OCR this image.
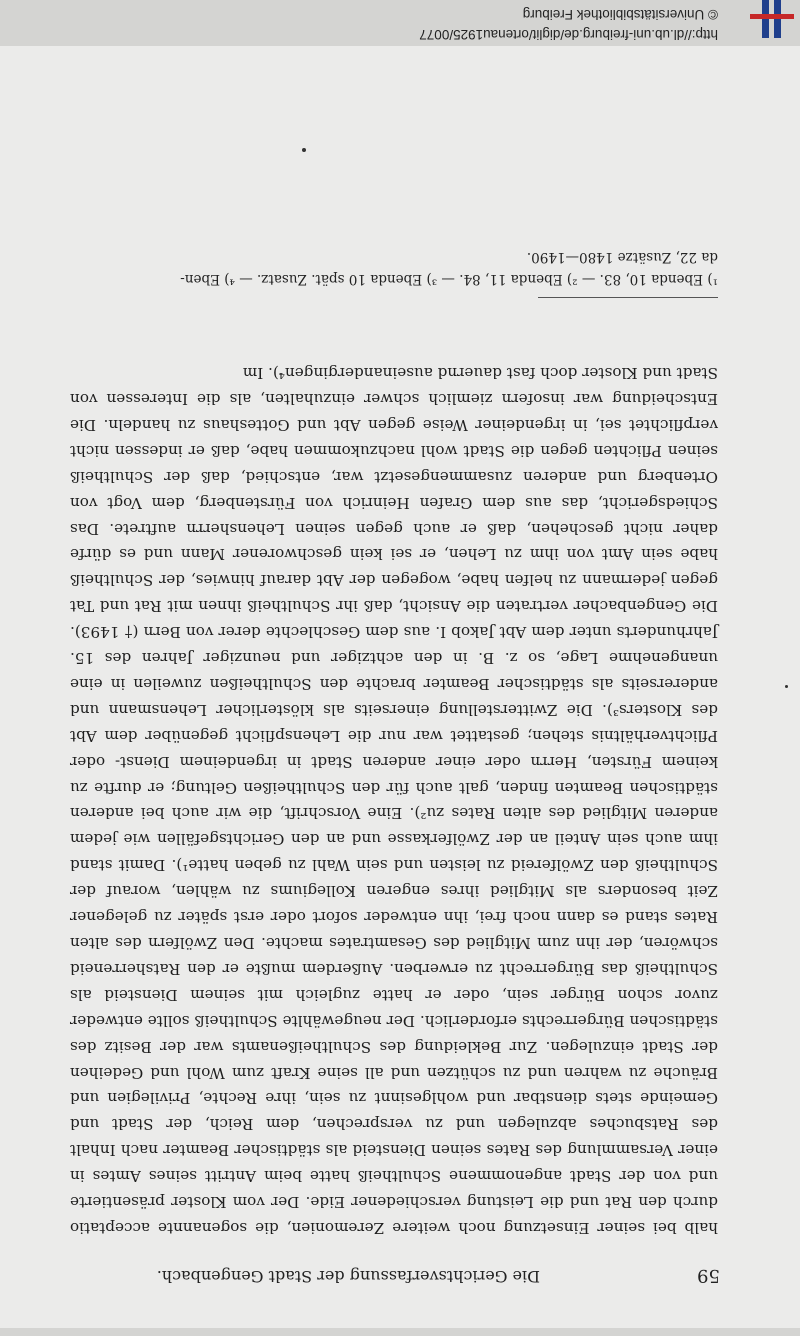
http://dl.ub.uni-freiburg.de/diglit/ortenau1925/0077
© Universitätsbibliothek Freiburg
59
Die Gerichtsverfassung der Stadt Gengenbach.

halb bei seiner Einsetzung noch weitere Zeremonien, die sogenannte acceptatio durch den Rat und die Leistung verschiedener Eide. Der vom Kloster präsentierte und von der Stadt angenommene Schultheiß hatte beim Antritt seines Amtes in einer Versammlung des Rates seinen Diensteid als städtischer Beamter nach Inhalt des Ratsbuches abzulegen und zu versprechen, dem Reich, der Stadt und Gemeinde stets dienstbar und wohlgesinnt zu sein, ihre Rechte, Privilegien und Bräuche zu wahren und zu schützen und all seine Kraft zum Wohl und Gedeihen der Stadt einzulegen. Zur Bekleidung des Schultheißenamts war der Besitz des städtischen Bürgerrechts erforderlich. Der neugewählte Schultheiß sollte entweder zuvor schon Bürger sein, oder er hatte zugleich mit seinem Diensteid als Schultheiß das Bürgerrecht zu erwerben. Außerdem mußte er den Ratsherreneid schwören, der ihn zum Mitglied des Gesamtrates machte. Den Zwölfern des alten Rates stand es dann noch frei, ihn entweder sofort oder erst später zu gelegener Zeit besonders als Mitglied ihres engeren Kollegiums zu wählen, worauf der Schultheiß den Zwölfereid zu leisten und sein Wahl zu geben hatte¹). Damit stand ihm auch sein Anteil an der Zwölferkasse und an den Gerichtsgefällen wie jedem anderen Mitglied des alten Rates zu²). Eine Vorschrift, die wir auch bei anderen städtischen Beamten finden, galt auch für den Schultheißen Geltung; er durfte zu keinem Fürsten, Herrn oder einer anderen Stadt in irgendeinem Dienst- oder Pflichtverhältnis stehen; gestattet war nur die Lehenspflicht gegenüber dem Abt des Klosters³). Die Zwitterstellung einerseits als klösterlicher Lehensmann und andererseits als städtischer Beamter brachte den Schultheißen zuweilen in eine unangenehme Lage, so z. B. in den achtziger und neunziger Jahren des 15. Jahrhunderts unter dem Abt Jakob I. aus dem Geschlechte derer von Bern († 1493). Die Gengenbacher vertraten die Ansicht, daß ihr Schultheiß ihnen mit Rat und Tat gegen jedermann zu helfen habe, wogegen der Abt darauf hinwies, der Schultheiß habe sein Amt von ihm zu Lehen, er sei kein geschworener Mann und es dürfe daher nicht geschehen, daß er auch gegen seinen Lehensherrn auftrete. Das Schiedsgericht, das aus dem Grafen Heinrich von Fürstenberg, dem Vogt von Ortenberg und anderen zusammengesetzt war, entschied, daß der Schultheiß seinen Pflichten gegen die Stadt wohl nachzukommen habe, daß er indessen nicht verpflichtet sei, in irgendeiner Weise gegen Abt und Gotteshaus zu handeln. Die Entscheidung war insofern ziemlich schwer einzuhalten, als die Interessen von Stadt und Kloster doch fast dauernd auseinandergingen⁴). Im

¹) Ebenda 10, 83. — ²) Ebenda 11, 84. — ³) Ebenda 10 spät. Zusatz. — ⁴) Eben-

da 22, Zusätze 1480—1490.
